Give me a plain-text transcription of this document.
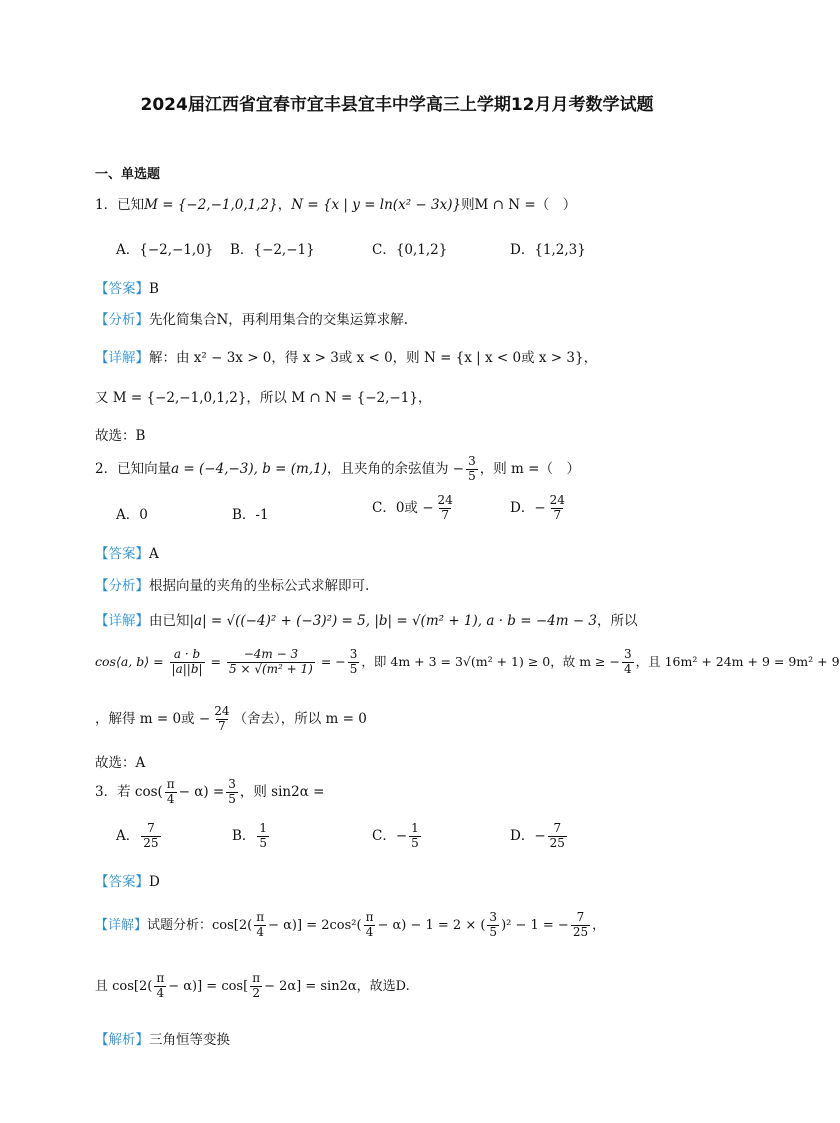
2024届江西省宜春市宜丰县宜丰中学高三上学期12月月考数学试题
一、单选题
1．已知M = {−2,−1,0,1,2}，N = {x | y = ln(x² − 3x)}则M ∩ N =（　）
A．{−2,−1,0} B．{−2,−1}	C．{0,1,2}	D．{1,2,3}
【答案】B
【分析】先化简集合N，再利用集合的交集运算求解.
【详解】解：由 x² − 3x > 0，得 x > 3或 x < 0，则 N = {x | x < 0或 x > 3}，
又 M = {−2,−1,0,1,2}，所以 M ∩ N = {−2,−1}，
故选：B
2．已知向量a = (−4,−3), b = (m,1)，且夹角的余弦值为 − $\frac{3}{5}$ ，则 m =（　）
A．0	B．-1	C．0或 − $\frac{24}{7}$	D．− $\frac{24}{7}$
【答案】A
【分析】根据向量的夹角的坐标公式求解即可.
【详解】由已知|a| = √((−4)² + (−3)²) = 5, |b| = √(m² + 1), a · b = −4m − 3，所以
cos⟨a, b⟩ = $\frac{a \cdot b}{|a||b|} = \frac{-4m - 3}{\text{5 × √(m² + 1)}}$ = − $\frac{3}{5}$ ，即 4m + 3 = 3√(m² + 1) ≥ 0，故 m ≥ − $\frac{3}{4}$ ，且 16m² + 24m + 9 = 9m² + 9
，解得 m = 0或 − $\frac{24}{7}$ （舍去），所以 m = 0
故选：A
3．若 $\cos( \frac{\pi}{4} - \alpha) = \frac{3}{5}$ ，则 sin2α =
A． $\frac{7}{25}$	B． $\frac{1}{5}$	C．− $\frac{1}{5}$	D．− $\frac{7}{25}$
【答案】D
【详解】试题分析：$\cos[2( \frac{\pi}{4} - \alpha)] = 2\cos^2( \frac{\pi}{4} - \alpha) - 1 = 2$ × ( $\frac{3}{5} )^2 - 1$ = − $\frac{7}{25}$ ，
且 $\cos[2( \frac{\pi}{4} - \alpha)] = \cos[ \frac{\pi}{2} - 2\alpha] = \sin 2\alpha$，故选D.
【解析】三角恒等变换
